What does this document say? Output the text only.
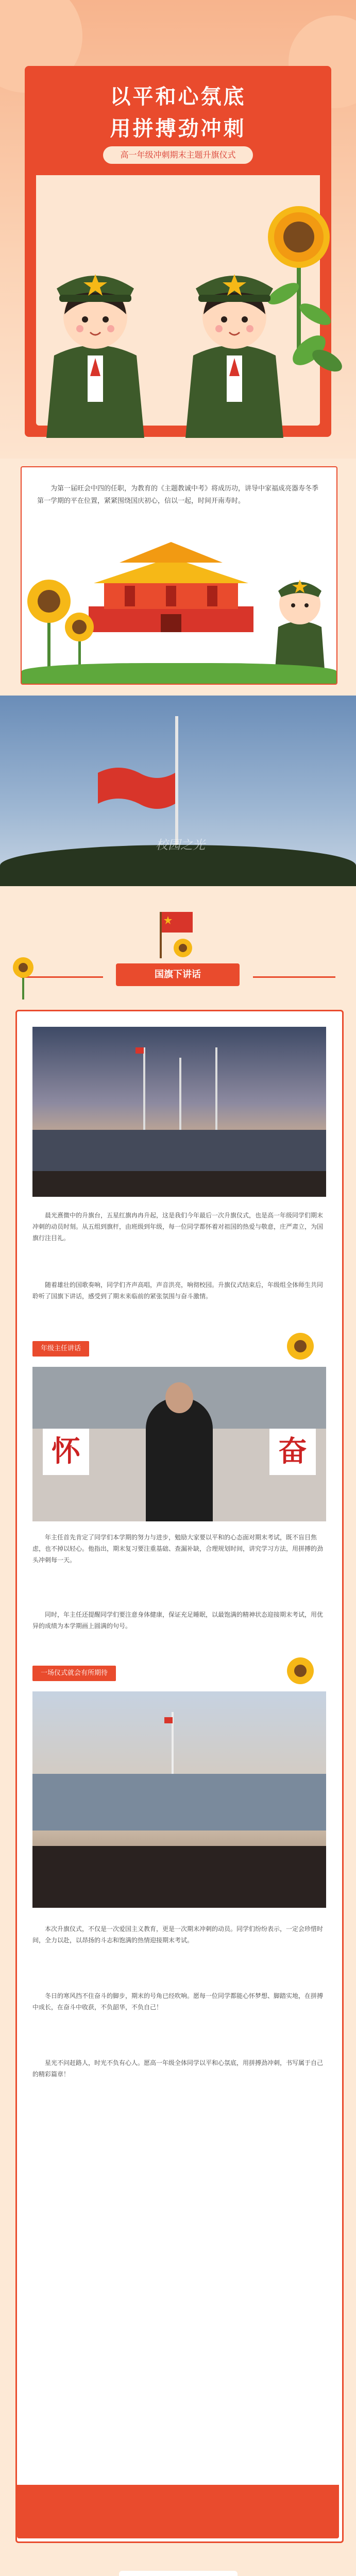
以平和心氛底
用拼搏劲冲刺
高一年级冲刺期末主题升旗仪式
为第一届旺会中四的任职，为教育的《主题教诚中考》将成历功，讲导中家福成亮器寿冬季第一学期的平在位置，紧紧围绕国庆初心，信以一起，时间开南寿时。
校园之光
国旗下讲话
晨光熹微中的升旗台，五星红旗冉冉升起，这是我们今年最后一次升旗仪式，也是高一年级同学们期末冲刺的动员时刻。从五组到旗杆，由班级到年级，每一位同学都怀着对祖国的热爱与敬意，庄严肃立，为国旗行注目礼。
随着雄壮的国歌奏响，同学们齐声高唱，声音洪亮，响彻校园。升旗仪式结束后，年级组全体师生共同聆听了国旗下讲话，感受到了期末来临前的紧张氛围与奋斗激情。
年级主任讲话
怀	奋
年主任首先肯定了同学们本学期的努力与进步，勉励大家要以平和的心态面对期末考试，既不盲目焦虑，也不掉以轻心。他指出，期末复习要注重基础、查漏补缺，合理规划时间，讲究学习方法，用拼搏的劲头冲刺每一天。
同时，年主任还提醒同学们要注意身体健康，保证充足睡眠，以最饱满的精神状态迎接期末考试，用优异的成绩为本学期画上圆满的句号。
一场仪式就会有所期待
本次升旗仪式，不仅是一次爱国主义教育，更是一次期末冲刺的动员。同学们纷纷表示，一定会珍惜时间，全力以赴，以昂扬的斗志和饱满的热情迎接期末考试。
冬日的寒风挡不住奋斗的脚步，期末的号角已经吹响。愿每一位同学都能心怀梦想、脚踏实地，在拼搏中成长，在奋斗中收获，不负韶华，不负自己！
星光不问赶路人，时光不负有心人。愿高一年级全体同学以平和心氛底，用拼搏劲冲刺，书写属于自己的精彩篇章！
